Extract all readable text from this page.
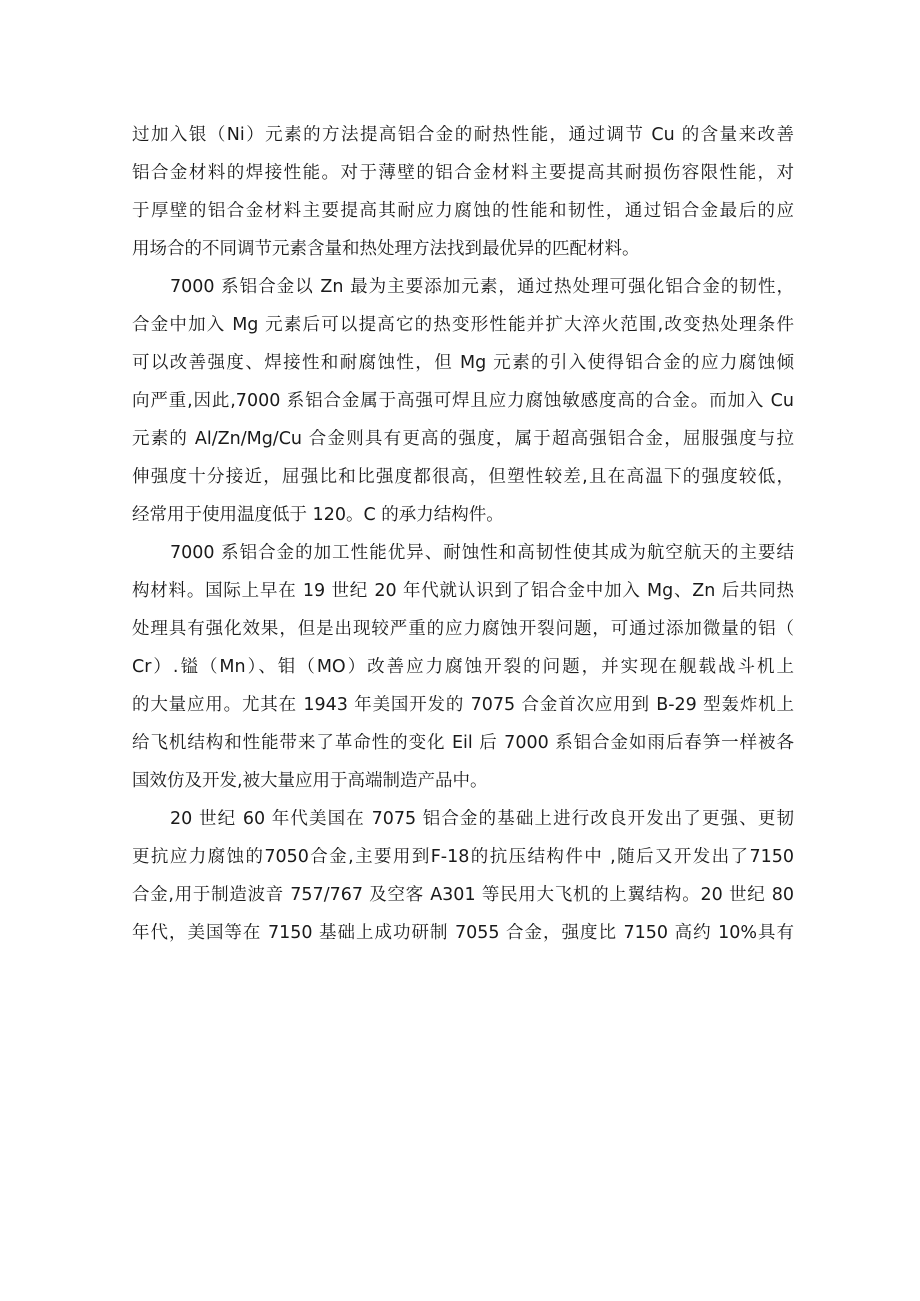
过加入银（Ni）元素的方法提高铝合金的耐热性能，通过调节 Cu 的含量来改善
铝合金材料的焊接性能。对于薄壁的铝合金材料主要提高其耐损伤容限性能，对
于厚壁的铝合金材料主要提高其耐应力腐蚀的性能和韧性，通过铝合金最后的应
用场合的不同调节元素含量和热处理方法找到最优异的匹配材料。
7000 系铝合金以 Zn 最为主要添加元素，通过热处理可强化铝合金的韧性，
合金中加入 Mg 元素后可以提高它的热变形性能并扩大淬火范围,改变热处理条件
可以改善强度、焊接性和耐腐蚀性，但 Mg 元素的引入使得铝合金的应力腐蚀倾
向严重,因此,7000 系铝合金属于高强可焊且应力腐蚀敏感度高的合金。而加入 Cu
元素的 Al/Zn/Mg/Cu 合金则具有更高的强度，属于超高强铝合金，屈服强度与拉
伸强度十分接近，屈强比和比强度都很高，但塑性较差,且在高温下的强度较低，
经常用于使用温度低于 120。C 的承力结构件。
7000 系铝合金的加工性能优异、耐蚀性和高韧性使其成为航空航天的主要结
构材料。国际上早在 19 世纪 20 年代就认识到了铝合金中加入 Mg、Zn 后共同热
处理具有强化效果，但是出现较严重的应力腐蚀开裂问题，可通过添加微量的铝（
Cr）.镒（Mn）、钼（MO）改善应力腐蚀开裂的问题，并实现在舰载战斗机上
的大量应用。尤其在 1943 年美国开发的 7075 合金首次应用到 B-29 型轰炸机上
给飞机结构和性能带来了革命性的变化 Eil 后 7000 系铝合金如雨后春笋一样被各
国效仿及开发,被大量应用于高端制造产品中。
20 世纪 60 年代美国在 7075 铝合金的基础上进行改良开发出了更强、更韧
更抗应力腐蚀的7050合金,主要用到F-18的抗压结构件中 ,随后又开发出了7150
合金,用于制造波音 757/767 及空客 A301 等民用大飞机的上翼结构。20 世纪 80
年代，美国等在 7150 基础上成功研制 7055 合金，强度比 7150 高约 10%具有
